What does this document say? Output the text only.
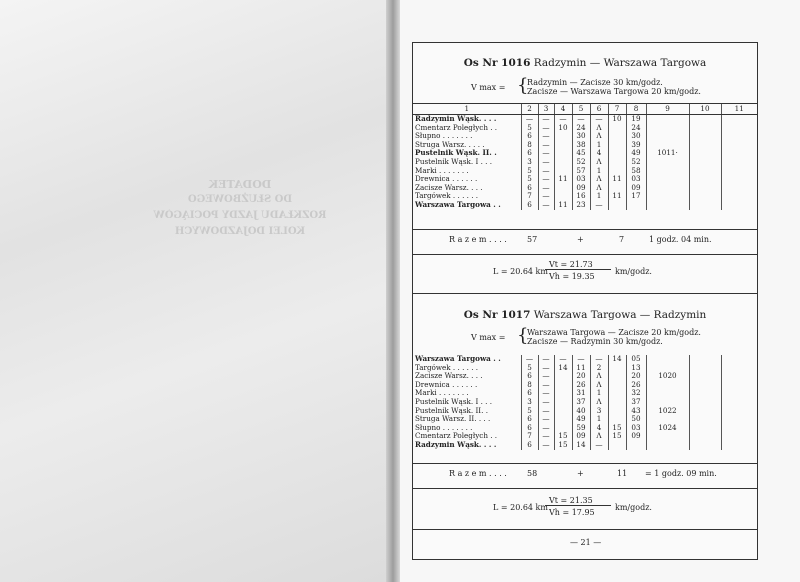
DODATEK
DO SŁUŻBOWEGO
ROZKŁADU JAZDY POCIĄGÓW
KOLEI DOJAZDOWYCH
Os Nr 1016 Radzymin — Warszawa Targowa
V max = {
Radzymin — Zacisze 30 km/godz.
Zacisze — Warszawa Targowa 20 km/godz.
1	2	3	4	5	6	7	8	9	10	11
Radzymin Wąsk. . . .	—	—	—	—	—	10	19			
Cmentarz Poległych . .	5	—	10	24	Λ		24			
Słupno . . . . . . .	6	—		30	Λ		30			
Struga Warsz. . . . .	8	—		38	1		39			
Pustelnik Wąsk. II. .	6	—		45	4		49	1011·		
Pustelnik Wąsk. I . . .	3	—		52	Λ		52			
Marki . . . . . . .	5	—		57	1		58			
Drewnica . . . . . .	5	—	11	03	Λ	11	03			
Zacisze Warsz. . . .	6	—		09	Λ		09			
Targówek . . . . . .	7	—		16	1	11	17			
Warszawa Targowa . .	6	—	11	23	—					
R a z e m . . . .	57	+	7	1 godz. 04 min.
L = 20.64 km
Vt = 21.73
Vh = 19.35
km/godz.
Os Nr 1017 Warszawa Targowa — Radzymin
V max = {
Warszawa Targowa — Zacisze 20 km/godz.
Zacisze — Radzymin 30 km/godz.
Warszawa Targowa . .	—	—	—	—	—	14	05			
Targówek . . . . . .	5	—	14	11	2		13			
Zacisze Warsz. . . .	6	—		20	Λ		20	1020		
Drewnica . . . . . .	8	—		26	Λ		26			
Marki . . . . . . .	6	—		31	1		32			
Pustelnik Wąsk. I . . .	3	—		37	Λ		37			
Pustelnik Wąsk. II. .	5	—		40	3		43	1022		
Struga Warsz. II. . . .	6	—		49	1		50			
Słupno . . . . . . .	6	—		59	4	15	03	1024		
Cmentarz Poległych . .	7	—	15	09	Λ	15	09			
Radzymin Wąsk. . . .	6	—	15	14	—					
R a z e m . . . .	58	+	11 = 1 godz. 09 min.
L = 20.64 km
Vt = 21.35
Vh = 17.95
km/godz.
— 21 —
